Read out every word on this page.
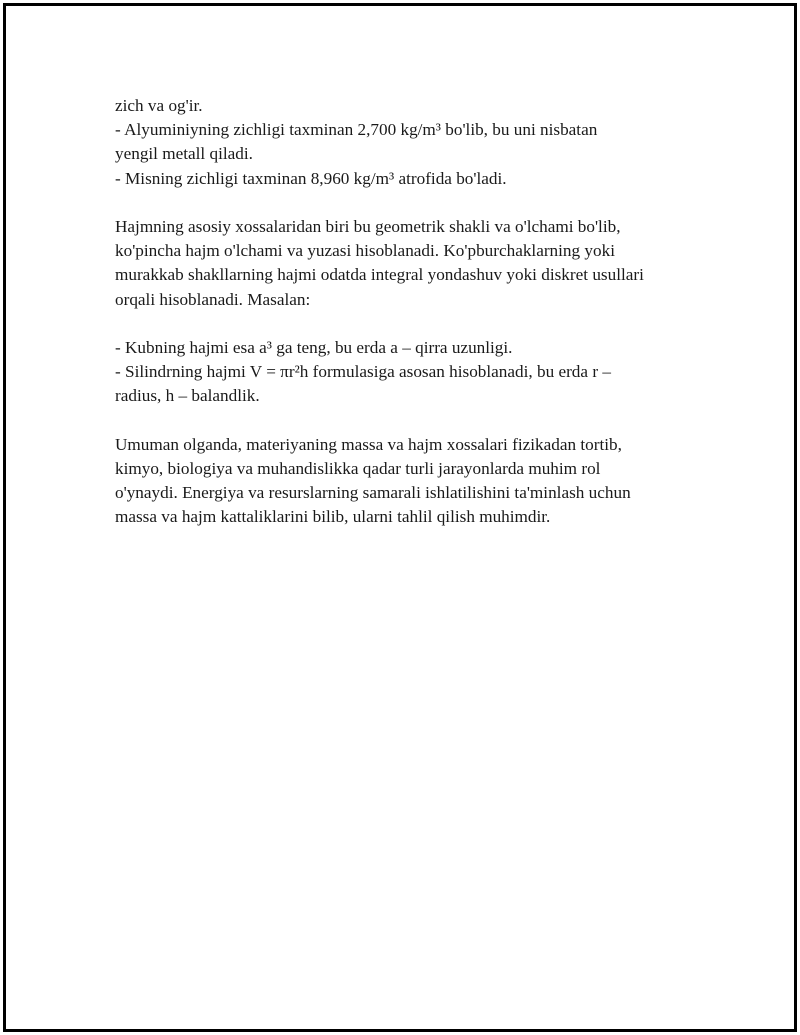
zich va og'ir.
- Alyuminiyning zichligi taxminan 2,700 kg/m³ bo'lib, bu uni nisbatan
yengil metall qiladi.
- Misning zichligi taxminan 8,960 kg/m³ atrofida bo'ladi.
Hajmning asosiy xossalaridan biri bu geometrik shakli va o'lchami bo'lib,
ko'pincha hajm o'lchami va yuzasi hisoblanadi. Ko'pburchaklarning yoki
murakkab shakllarning hajmi odatda integral yondashuv yoki diskret usullari
orqali hisoblanadi. Masalan:
- Kubning hajmi esa a³ ga teng, bu erda a – qirra uzunligi.
- Silindrning hajmi V = πr²h formulasiga asosan hisoblanadi, bu erda r –
radius, h – balandlik.
Umuman olganda, materiyaning massa va hajm xossalari fizikadan tortib,
kimyo, biologiya va muhandislikka qadar turli jarayonlarda muhim rol
o'ynaydi. Energiya va resurslarning samarali ishlatilishini ta'minlash uchun
massa va hajm kattaliklarini bilib, ularni tahlil qilish muhimdir.
